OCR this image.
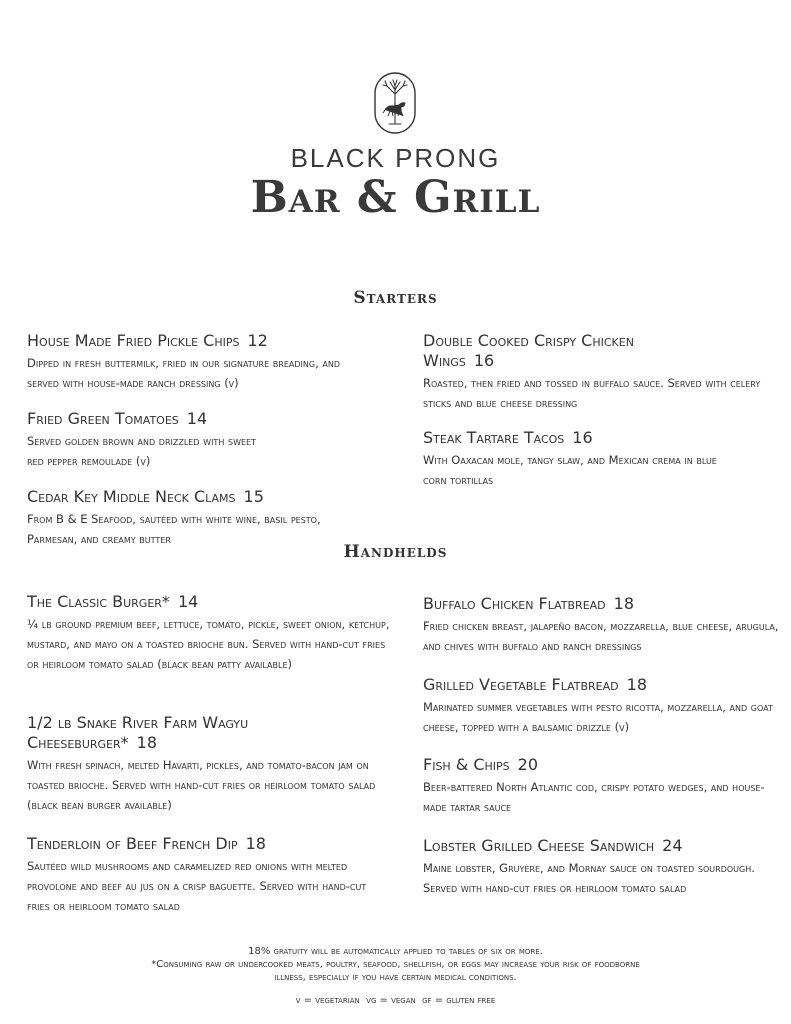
BLACK PRONG
Bar & Grill
Starters
House Made Fried Pickle Chips 12
Dipped in fresh buttermilk, fried in our signature breading, and served with house-made ranch dressing (v)
Fried Green Tomatoes 14
Served golden brown and drizzled with sweet red pepper remoulade (v)
Cedar Key Middle Neck Clams 15
From B & E Seafood, sautéed with white wine, basil pesto, Parmesan, and creamy butter
Double Cooked Crispy Chicken Wings 16
Roasted, then fried and tossed in buffalo sauce. Served with celery sticks and blue cheese dressing
Steak Tartare Tacos 16
With Oaxacan mole, tangy slaw, and Mexican crema in blue corn tortillas
Handhelds
The Classic Burger* 14
¼ lb ground premium beef, lettuce, tomato, pickle, sweet onion, ketchup, mustard, and mayo on a toasted brioche bun. Served with hand-cut fries or heirloom tomato salad (black bean patty available)
1/2 lb Snake River Farm Wagyu Cheeseburger* 18
With fresh spinach, melted Havarti, pickles, and tomato-bacon jam on toasted brioche. Served with hand-cut fries or heirloom tomato salad (black bean burger available)
Tenderloin of Beef French Dip 18
Sautéed wild mushrooms and caramelized red onions with melted provolone and beef au jus on a crisp baguette. Served with hand-cut fries or heirloom tomato salad
Buffalo Chicken Flatbread 18
Fried chicken breast, jalapeño bacon, mozzarella, blue cheese, arugula, and chives with buffalo and ranch dressings
Grilled Vegetable Flatbread 18
Marinated summer vegetables with pesto ricotta, mozzarella, and goat cheese, topped with a balsamic drizzle (v)
Fish & Chips 20
Beer-battered North Atlantic cod, crispy potato wedges, and house-made tartar sauce
Lobster Grilled Cheese Sandwich 24
Maine lobster, Gruyère, and Mornay sauce on toasted sourdough. Served with hand-cut fries or heirloom tomato salad
18% gratuity will be automatically applied to tables of six or more.
*Consuming raw or undercooked meats, poultry, seafood, shellfish, or eggs may increase your risk of foodborne illness, especially if you have certain medical conditions.
v = vegetarian  vg = vegan  gf = gluten free
